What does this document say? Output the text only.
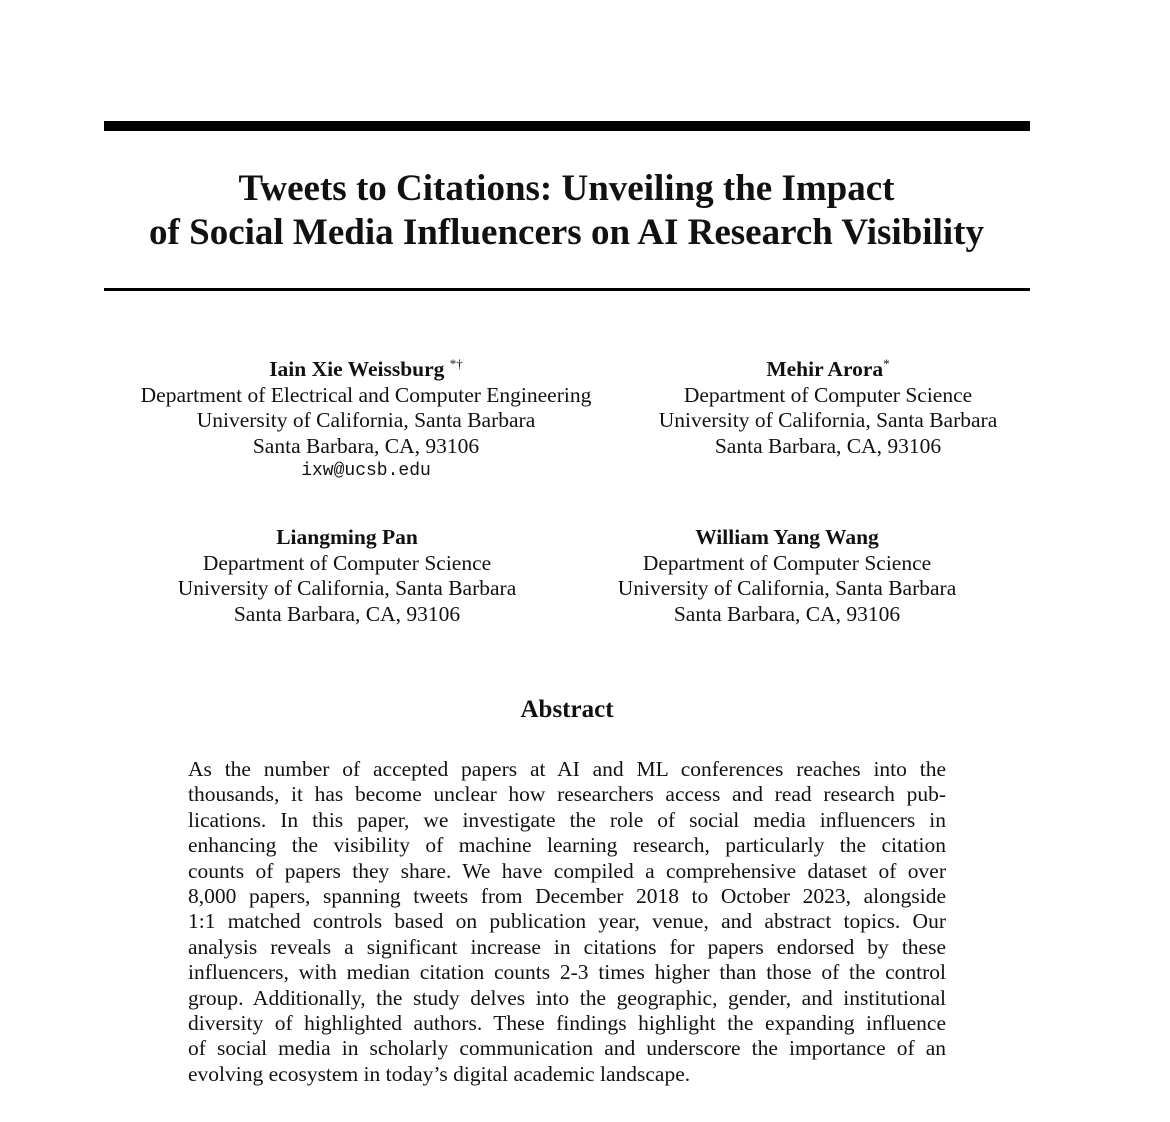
Tweets to Citations: Unveiling the Impact
of Social Media Influencers on AI Research Visibility
Iain Xie Weissburg *†
Department of Electrical and Computer Engineering
University of California, Santa Barbara
Santa Barbara, CA, 93106
ixw@ucsb.edu
Mehir Arora*
Department of Computer Science
University of California, Santa Barbara
Santa Barbara, CA, 93106
Liangming Pan
Department of Computer Science
University of California, Santa Barbara
Santa Barbara, CA, 93106
William Yang Wang
Department of Computer Science
University of California, Santa Barbara
Santa Barbara, CA, 93106
Abstract
As the number of accepted papers at AI and ML conferences reaches into the
thousands, it has become unclear how researchers access and read research pub-
lications. In this paper, we investigate the role of social media influencers in
enhancing the visibility of machine learning research, particularly the citation
counts of papers they share. We have compiled a comprehensive dataset of over
8,000 papers, spanning tweets from December 2018 to October 2023, alongside
1:1 matched controls based on publication year, venue, and abstract topics. Our
analysis reveals a significant increase in citations for papers endorsed by these
influencers, with median citation counts 2-3 times higher than those of the control
group. Additionally, the study delves into the geographic, gender, and institutional
diversity of highlighted authors. These findings highlight the expanding influence
of social media in scholarly communication and underscore the importance of an
evolving ecosystem in today’s digital academic landscape.
